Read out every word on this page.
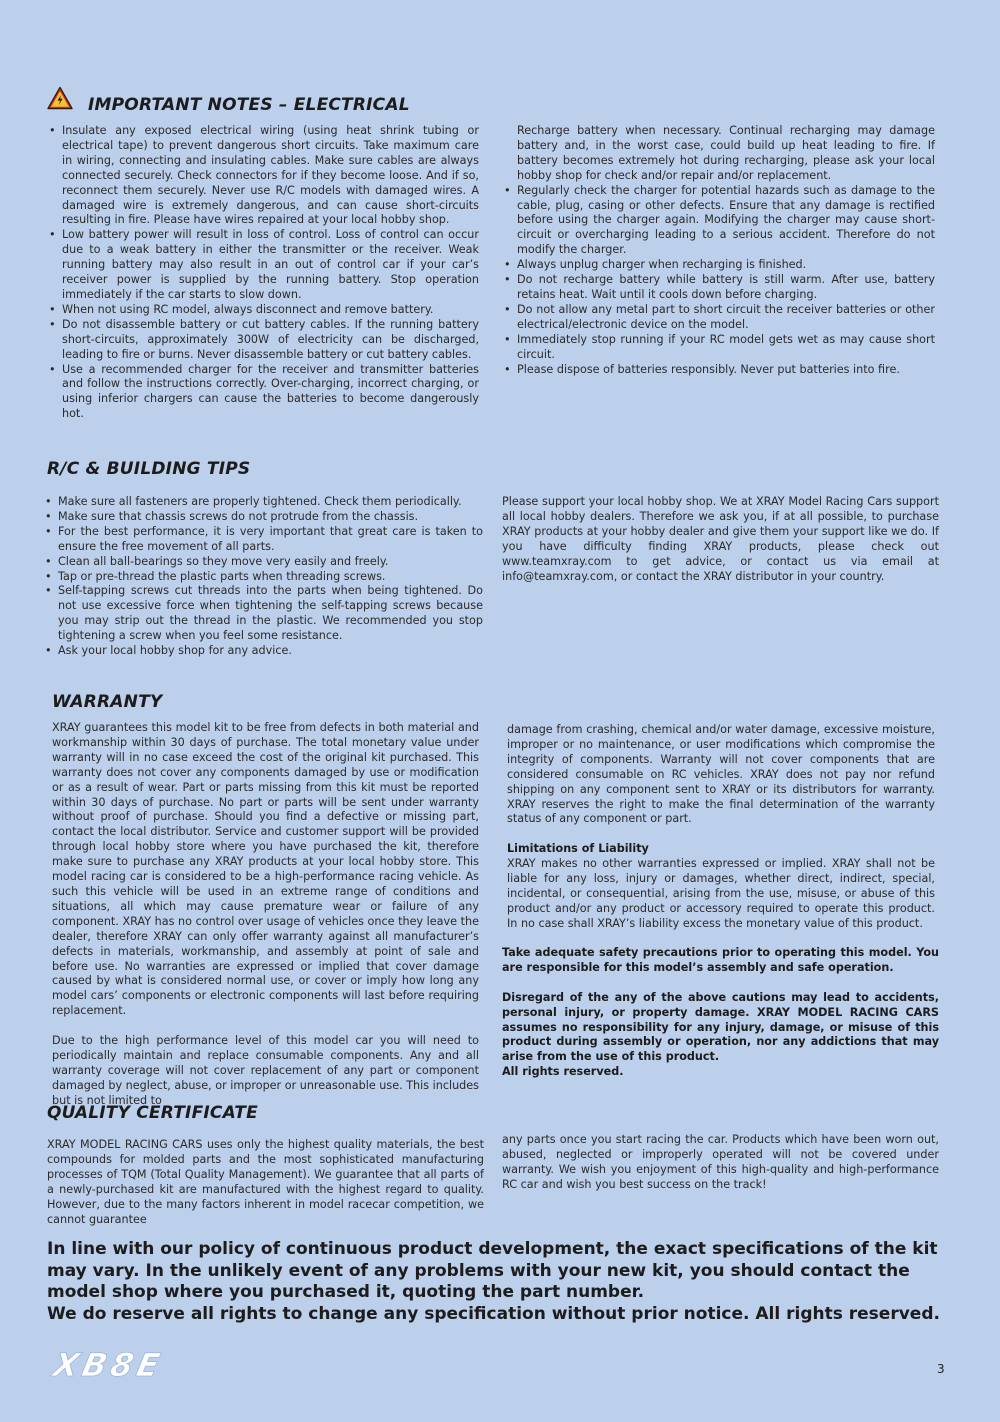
IMPORTANT NOTES – ELECTRICAL
• Insulate any exposed electrical wiring (using heat shrink tubing or electrical tape) to prevent dangerous short circuits. Take maximum care in wiring, connecting and insulating cables. Make sure cables are always connected securely. Check connectors for if they become loose. And if so, reconnect them securely. Never use R/C models with damaged wires. A damaged wire is extremely dangerous, and can cause short-circuits resulting in fire. Please have wires repaired at your local hobby shop.
• Low battery power will result in loss of control. Loss of control can occur due to a weak battery in either the transmitter or the receiver. Weak running battery may also result in an out of control car if your car’s receiver power is supplied by the running battery. Stop operation immediately if the car starts to slow down.
• When not using RC model, always disconnect and remove battery.
• Do not disassemble battery or cut battery cables. If the running battery short-circuits, approximately 300W of electricity can be discharged, leading to fire or burns. Never disassemble battery or cut battery cables.
• Use a recommended charger for the receiver and transmitter batteries and follow the instructions correctly. Over-charging, incorrect charging, or using inferior chargers can cause the batteries to become dangerously hot.

Recharge battery when necessary. Continual recharging may damage battery and, in the worst case, could build up heat leading to fire. If battery becomes extremely hot during recharging, please ask your local hobby shop for check and/or repair and/or replacement.

• Regularly check the charger for potential hazards such as damage to the cable, plug, casing or other defects. Ensure that any damage is rectified before using the charger again. Modifying the charger may cause short-circuit or overcharging leading to a serious accident. Therefore do not modify the charger.
• Always unplug charger when recharging is finished.
• Do not recharge battery while battery is still warm. After use, battery retains heat. Wait until it cools down before charging.
• Do not allow any metal part to short circuit the receiver batteries or other electrical/electronic device on the model.
• Immediately stop running if your RC model gets wet as may cause short circuit.
• Please dispose of batteries responsibly. Never put batteries into fire.
R/C & BUILDING TIPS
• Make sure all fasteners are properly tightened. Check them periodically.
• Make sure that chassis screws do not protrude from the chassis.
• For the best performance, it is very important that great care is taken to ensure the free movement of all parts.
• Clean all ball-bearings so they move very easily and freely.
• Tap or pre-thread the plastic parts when threading screws.
• Self-tapping screws cut threads into the parts when being tightened. Do not use excessive force when tightening the self-tapping screws because you may strip out the thread in the plastic. We recommended you stop tightening a screw when you feel some resistance.
• Ask your local hobby shop for any advice.

Please support your local hobby shop. We at XRAY Model Racing Cars support all local hobby dealers. Therefore we ask you, if at all possible, to purchase XRAY products at your hobby dealer and give them your support like we do. If you have difficulty finding XRAY products, please check out www.teamxray.com to get advice, or contact us via email at info@teamxray.com, or contact the XRAY distributor in your country.

WARRANTY

XRAY guarantees this model kit to be free from defects in both material and workmanship within 30 days of purchase. The total monetary value under warranty will in no case exceed the cost of the original kit purchased. This warranty does not cover any components damaged by use or modification or as a result of wear. Part or parts missing from this kit must be reported within 30 days of purchase. No part or parts will be sent under warranty without proof of purchase. Should you find a defective or missing part, contact the local distributor. Service and customer support will be provided through local hobby store where you have purchased the kit, therefore make sure to purchase any XRAY products at your local hobby store. This model racing car is considered to be a high-performance racing vehicle. As such this vehicle will be used in an extreme range of conditions and situations, all which may cause premature wear or failure of any component. XRAY has no control over usage of vehicles once they leave the dealer, therefore XRAY can only offer warranty against all manufacturer’s defects in materials, workmanship, and assembly at point of sale and before use. No warranties are expressed or implied that cover damage caused by what is considered normal use, or cover or imply how long any model cars’ components or electronic components will last before requiring replacement.

Due to the high performance level of this model car you will need to periodically maintain and replace consumable components. Any and all warranty coverage will not cover replacement of any part or component damaged by neglect, abuse, or improper or unreasonable use. This includes but is not limited to

damage from crashing, chemical and/or water damage, excessive moisture, improper or no maintenance, or user modifications which compromise the integrity of components. Warranty will not cover components that are considered consumable on RC vehicles. XRAY does not pay nor refund shipping on any component sent to XRAY or its distributors for warranty. XRAY reserves the right to make the final determination of the warranty status of any component or part.

Limitations of Liability

XRAY makes no other warranties expressed or implied. XRAY shall not be liable for any loss, injury or damages, whether direct, indirect, special, incidental, or consequential, arising from the use, misuse, or abuse of this product and/or any product or accessory required to operate this product. In no case shall XRAY’s liability excess the monetary value of this product.

Take adequate safety precautions prior to operating this model. You are responsible for this model’s assembly and safe operation.

Disregard of the any of the above cautions may lead to accidents, personal injury, or property damage. XRAY MODEL RACING CARS assumes no responsibility for any injury, damage, or misuse of this product during assembly or operation, nor any addictions that may arise from the use of this product.

All rights reserved.

QUALITY CERTIFICATE

XRAY MODEL RACING CARS uses only the highest quality materials, the best compounds for molded parts and the most sophisticated manufacturing processes of TQM (Total Quality Management). We guarantee that all parts of a newly-purchased kit are manufactured with the highest regard to quality. However, due to the many factors inherent in model racecar competition, we cannot guarantee

any parts once you start racing the car. Products which have been worn out, abused, neglected or improperly operated will not be covered under warranty. We wish you enjoyment of this high-quality and high-performance RC car and wish you best success on the track!

In line with our policy of continuous product development, the exact specifications of the kit may vary. In the unlikely event of any problems with your new kit, you should contact the model shop where you purchased it, quoting the part number.

We do reserve all rights to change any specification without prior notice. All rights reserved.

XB8E	3
